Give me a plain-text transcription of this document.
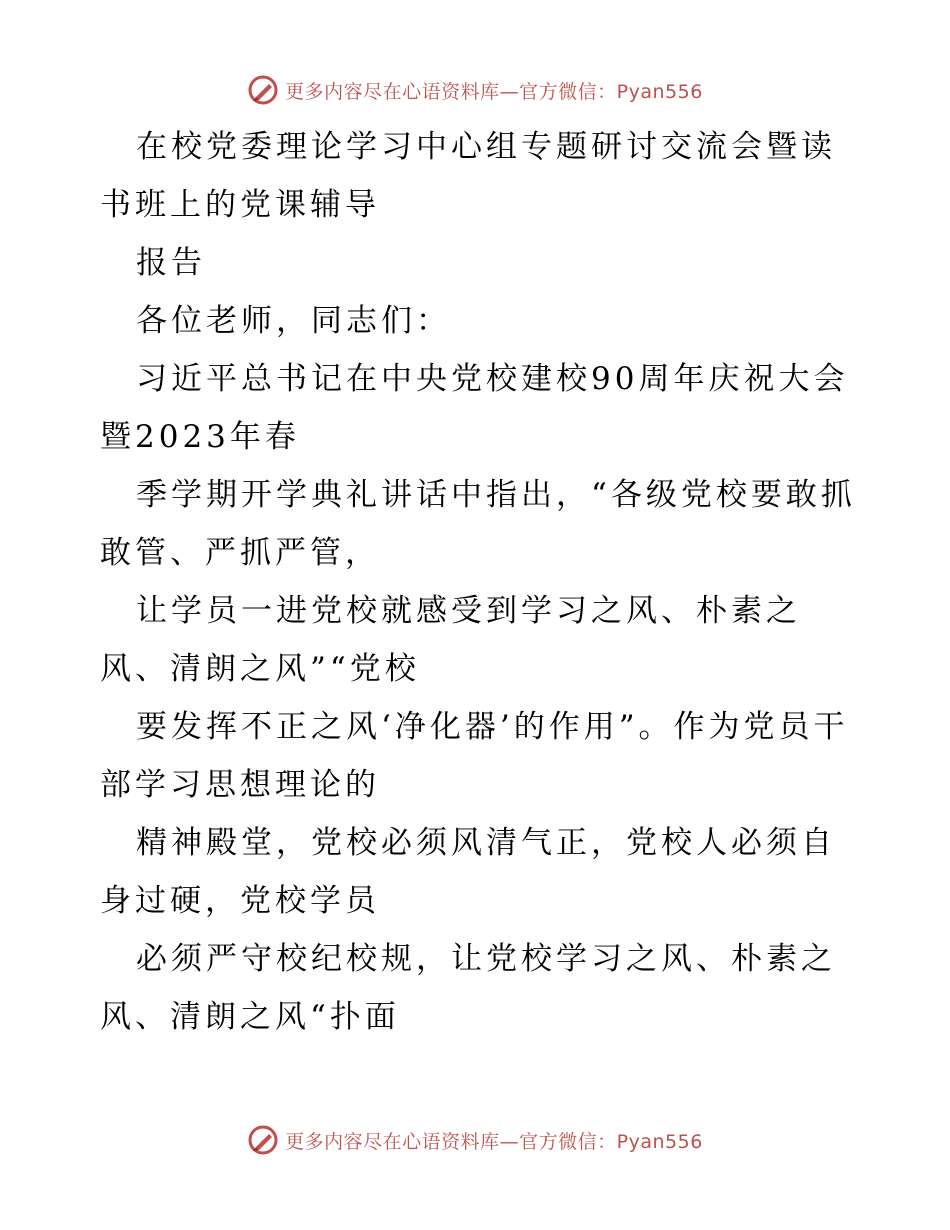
更多内容尽在心语资料库—官方微信：Pyan556
在校党委理论学习中心组专题研讨交流会暨读书班上的党课辅导
报告
各位老师，同志们：
习近平总书记在中央党校建校90周年庆祝大会暨2023年春
季学期开学典礼讲话中指出，“各级党校要敢抓敢管、严抓严管，
让学员一进党校就感受到学习之风、朴素之风、清朗之风”“党校
要发挥不正之风‘净化器’的作用”。作为党员干部学习思想理论的
精神殿堂，党校必须风清气正，党校人必须自身过硬，党校学员
必须严守校纪校规，让党校学习之风、朴素之风、清朗之风“扑面
更多内容尽在心语资料库—官方微信：Pyan556
